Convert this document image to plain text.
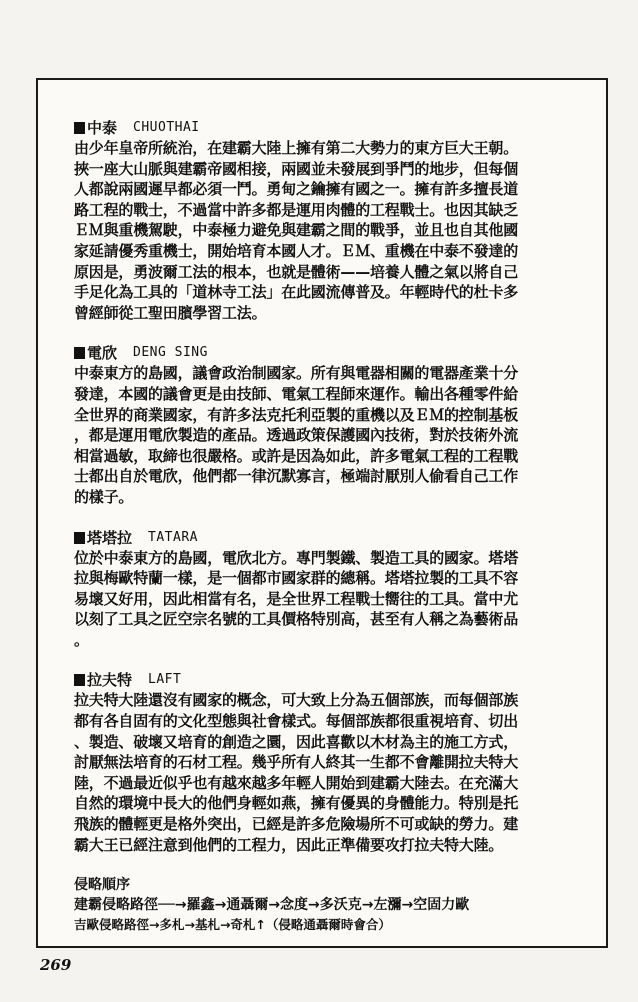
中泰 CHUOTHAI
由少年皇帝所統治，在建霸大陸上擁有第二大勢力的東方巨大王朝。
挾一座大山脈與建霸帝國相接，兩國並未發展到爭鬥的地步，但每個
人都說兩國遲早都必須一鬥。勇甸之鑰擁有國之一。擁有許多擅長道
路工程的戰士，不過當中許多都是運用肉體的工程戰士。也因其缺乏
ＥＭ與重機駕駛，中泰極力避免與建霸之間的戰爭，並且也自其他國
家延請優秀重機士，開始培育本國人才。ＥＭ、重機在中泰不發達的
原因是，勇波爾工法的根本，也就是體術——培養人體之氣以將自己
手足化為工具的「道林寺工法」在此國流傳普及。年輕時代的杜卡多
曾經師從工聖田臏學習工法。
電欣 DENG SING
中泰東方的島國，議會政治制國家。所有與電器相關的電器產業十分
發達，本國的議會更是由技師、電氣工程師來運作。輸出各種零件給
全世界的商業國家，有許多法克托利亞製的重機以及ＥＭ的控制基板
，都是運用電欣製造的產品。透過政策保護國內技術，對於技術外流
相當過敏，取締也很嚴格。或許是因為如此，許多電氣工程的工程戰
士都出自於電欣，他們都一律沉默寡言，極端討厭別人偷看自己工作
的樣子。
塔塔拉 TATARA
位於中泰東方的島國，電欣北方。專門製鐵、製造工具的國家。塔塔
拉與梅歐特蘭一樣，是一個都市國家群的總稱。塔塔拉製的工具不容
易壞又好用，因此相當有名，是全世界工程戰士嚮往的工具。當中尤
以刻了工具之匠空宗名號的工具價格特別高，甚至有人稱之為藝術品
。
拉夫特 LAFT
拉夫特大陸還沒有國家的概念，可大致上分為五個部族，而每個部族
都有各自固有的文化型態與社會樣式。每個部族都很重視培育、切出
、製造、破壞又培育的創造之圜，因此喜歡以木材為主的施工方式，
討厭無法培育的石材工程。幾乎所有人終其一生都不會離開拉夫特大
陸，不過最近似乎也有越來越多年輕人開始到建霸大陸去。在充滿大
自然的環境中長大的他們身輕如燕，擁有優異的身體能力。特別是托
飛族的體輕更是格外突出，已經是許多危險場所不可或缺的勞力。建
霸大王已經注意到他們的工程力，因此正準備要攻打拉夫特大陸。
侵略順序
建霸侵略路徑──→羅鑫→通聶爾→念度→多沃克→左瀰→空固力歐
吉歐侵略路徑→多札→基札→奇札↑（侵略通聶爾時會合）
269
